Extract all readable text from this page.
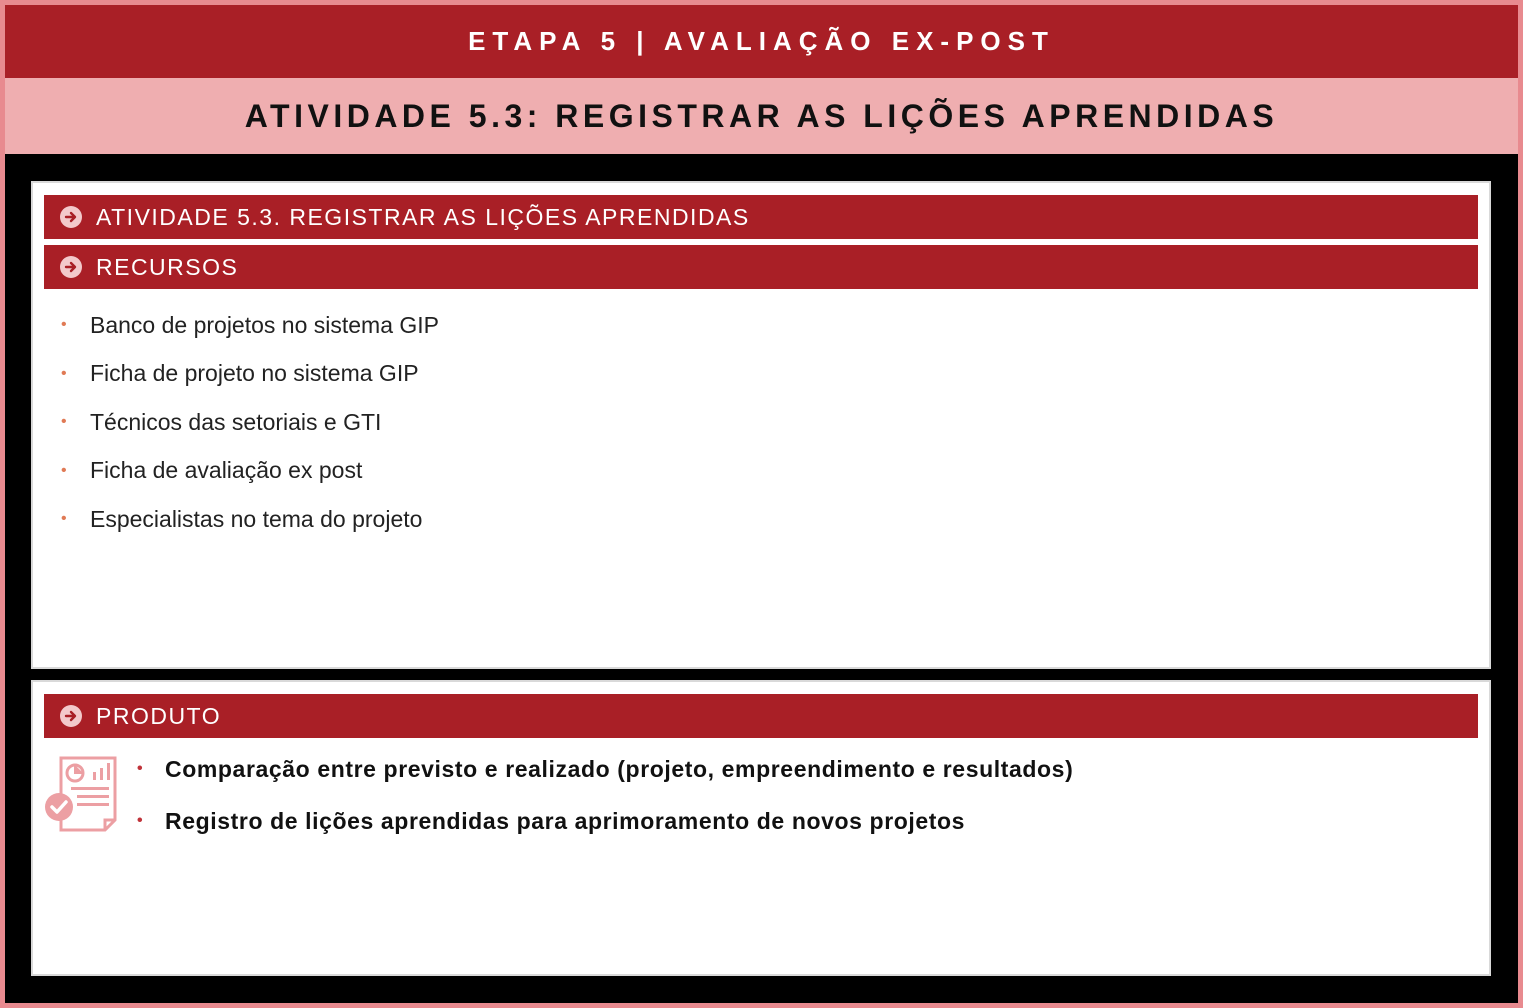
ETAPA 5 | AVALIAÇÃO EX-POST
ATIVIDADE 5.3: REGISTRAR AS LIÇÕES APRENDIDAS
ATIVIDADE 5.3. REGISTRAR AS LIÇÕES APRENDIDAS
RECURSOS
•	Banco de projetos no sistema GIP
•	Ficha de projeto no sistema GIP
•	Técnicos das setoriais e GTI
•	Ficha de avaliação ex post
•	Especialistas no tema do projeto
PRODUTO
• Comparação entre previsto e realizado (projeto, empreendimento e resultados)
• Registro de lições aprendidas para aprimoramento de novos projetos
